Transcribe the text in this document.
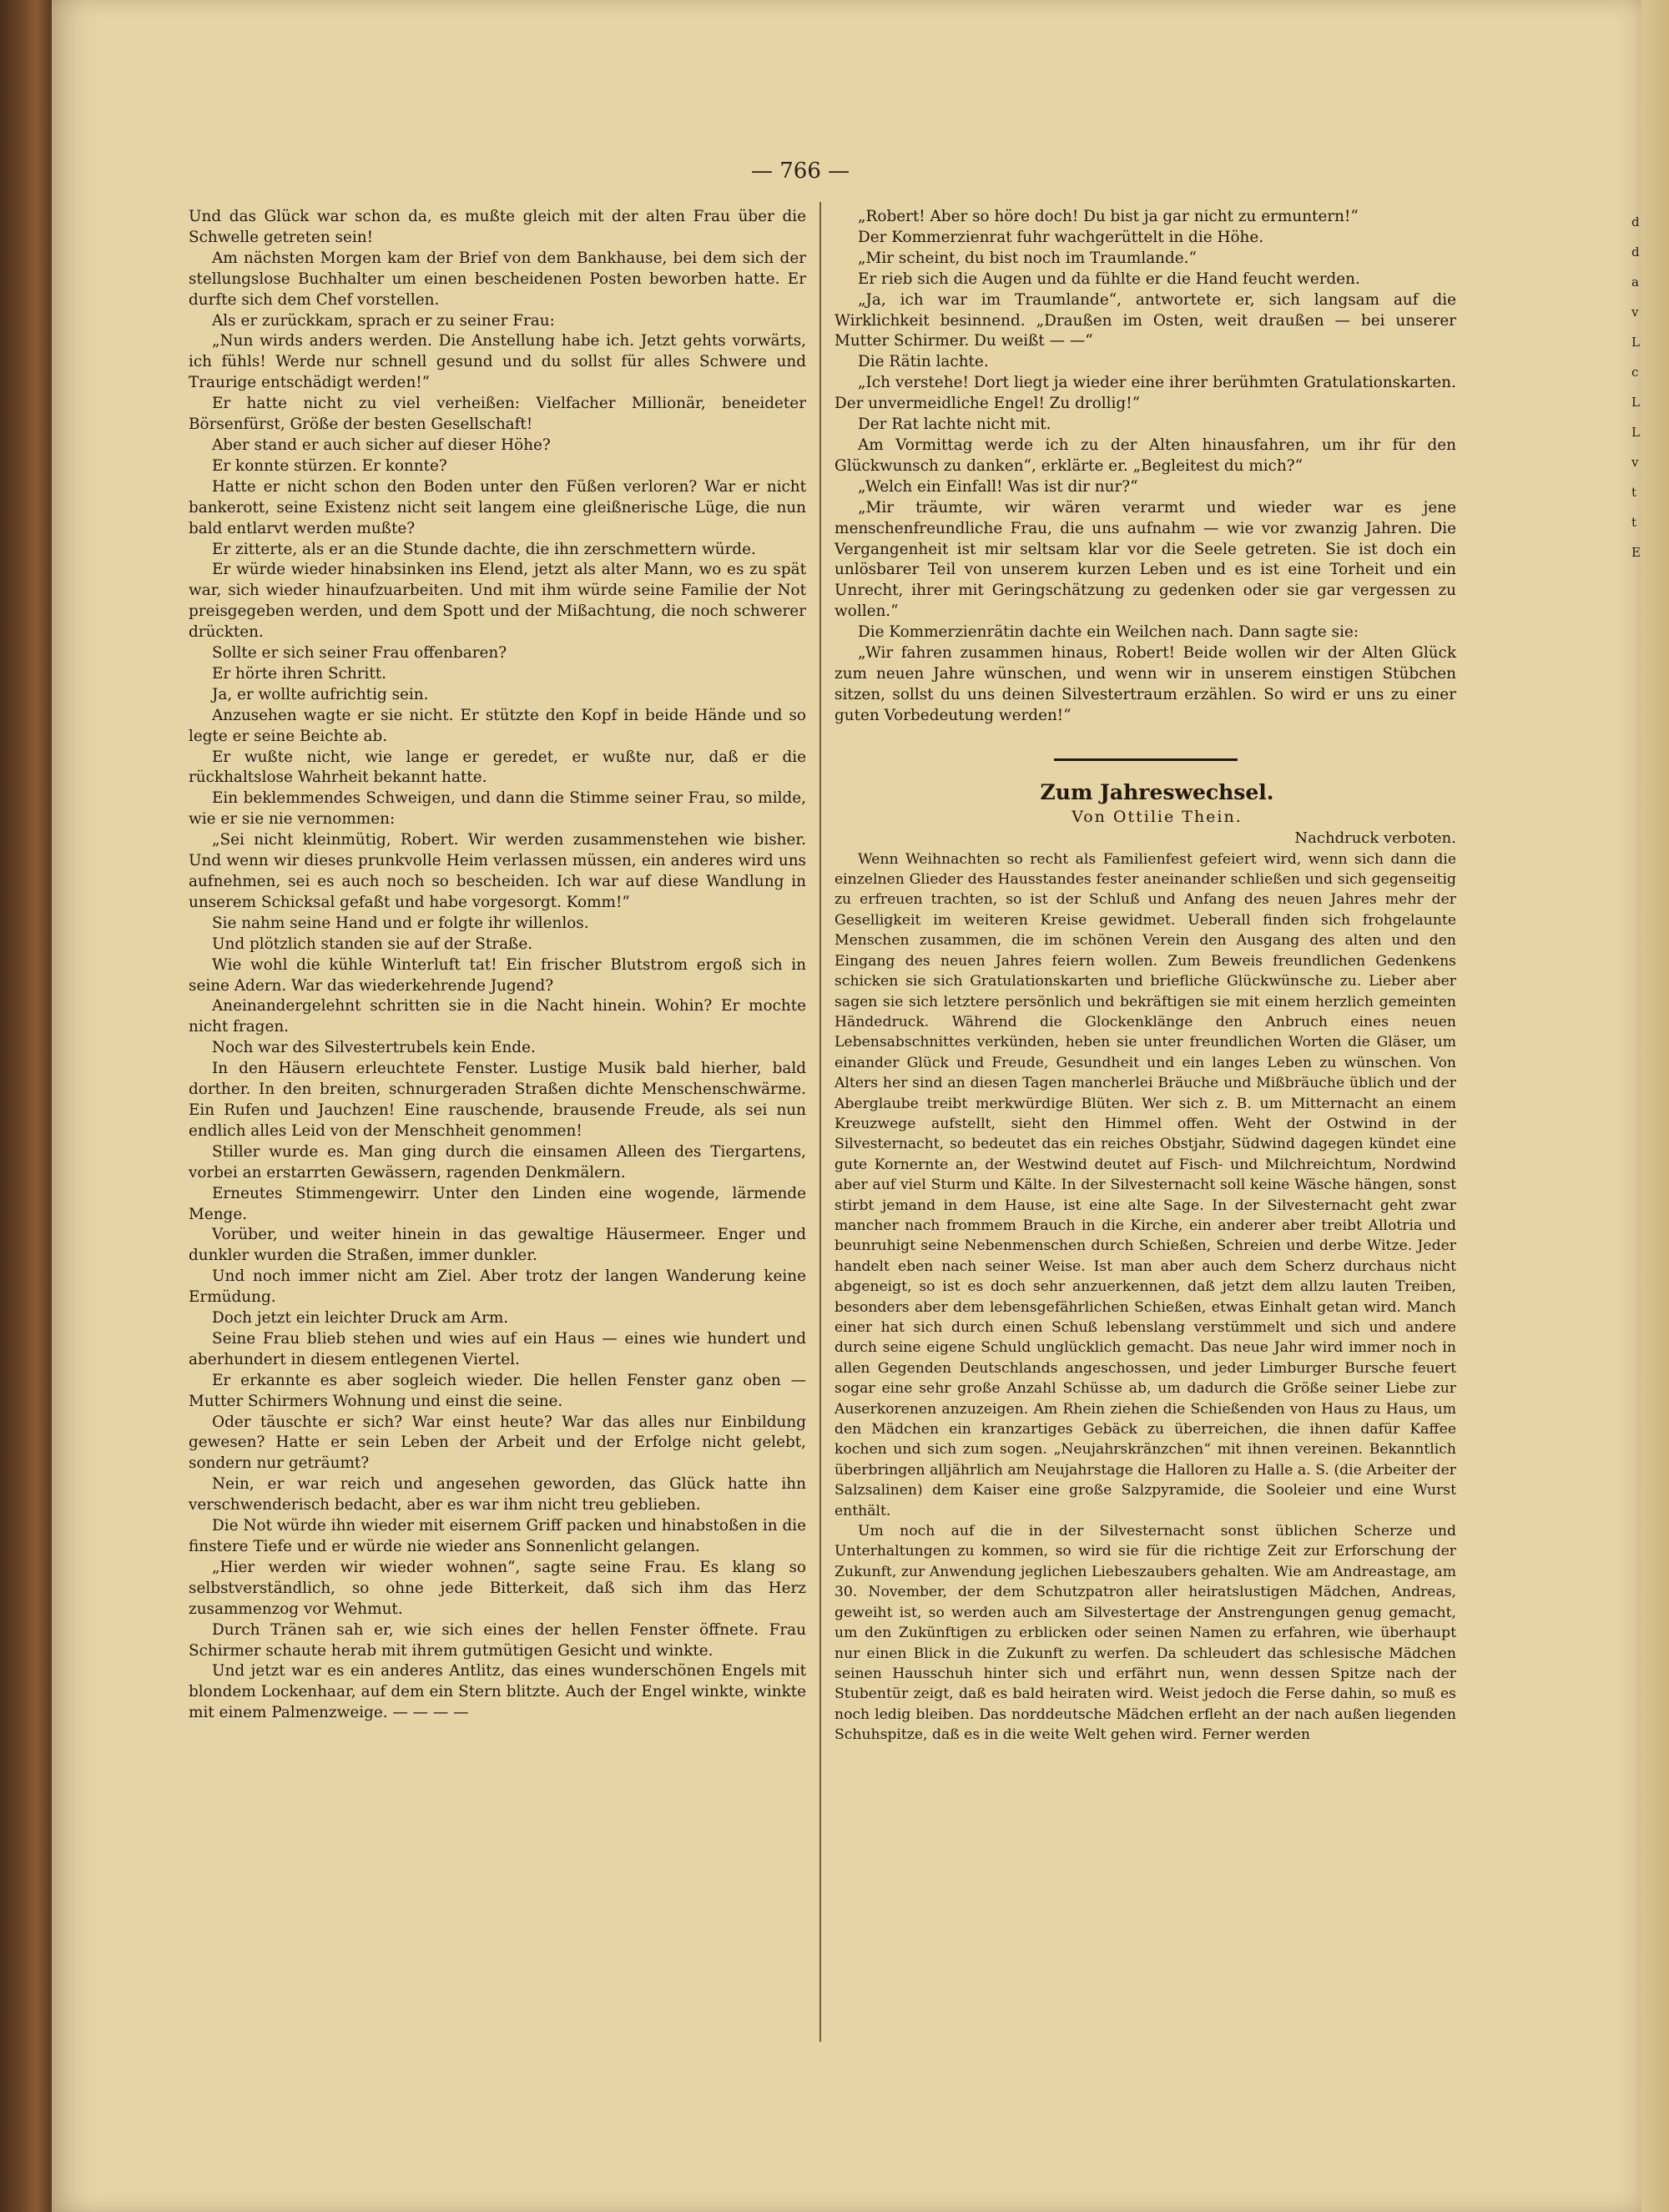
— 766 —

Und das Glück war schon da, es mußte gleich mit der alten Frau über die Schwelle getreten sein!

Am nächsten Morgen kam der Brief von dem Bankhause, bei dem sich der stellungslose Buchhalter um einen bescheidenen Posten beworben hatte. Er durfte sich dem Chef vorstellen.

Als er zurückkam, sprach er zu seiner Frau:

„Nun wirds anders werden. Die Anstellung habe ich. Jetzt gehts vorwärts, ich fühls! Werde nur schnell gesund und du sollst für alles Schwere und Traurige entschädigt werden!“

Er hatte nicht zu viel verheißen: Vielfacher Millionär, beneideter Börsenfürst, Größe der besten Gesellschaft!

Aber stand er auch sicher auf dieser Höhe?

Er konnte stürzen. Er konnte?

Hatte er nicht schon den Boden unter den Füßen verloren? War er nicht bankerott, seine Existenz nicht seit langem eine gleißnerische Lüge, die nun bald entlarvt werden mußte?

Er zitterte, als er an die Stunde dachte, die ihn zerschmettern würde.

Er würde wieder hinabsinken ins Elend, jetzt als alter Mann, wo es zu spät war, sich wieder hinaufzuarbeiten. Und mit ihm würde seine Familie der Not preisgegeben werden, und dem Spott und der Mißachtung, die noch schwerer drückten.

Sollte er sich seiner Frau offenbaren?

Er hörte ihren Schritt.

Ja, er wollte aufrichtig sein.

Anzusehen wagte er sie nicht. Er stützte den Kopf in beide Hände und so legte er seine Beichte ab.

Er wußte nicht, wie lange er geredet, er wußte nur, daß er die rückhaltslose Wahrheit bekannt hatte.

Ein beklemmendes Schweigen, und dann die Stimme seiner Frau, so milde, wie er sie nie vernommen:

„Sei nicht kleinmütig, Robert. Wir werden zusammenstehen wie bisher. Und wenn wir dieses prunkvolle Heim verlassen müssen, ein anderes wird uns aufnehmen, sei es auch noch so bescheiden. Ich war auf diese Wandlung in unserem Schicksal gefaßt und habe vorgesorgt. Komm!“

Sie nahm seine Hand und er folgte ihr willenlos.

Und plötzlich standen sie auf der Straße.

Wie wohl die kühle Winterluft tat! Ein frischer Blutstrom ergoß sich in seine Adern. War das wiederkehrende Jugend?

Aneinandergelehnt schritten sie in die Nacht hinein. Wohin? Er mochte nicht fragen.

Noch war des Silvestertrubels kein Ende.

In den Häusern erleuchtete Fenster. Lustige Musik bald hierher, bald dorther. In den breiten, schnurgeraden Straßen dichte Menschenschwärme. Ein Rufen und Jauchzen! Eine rauschende, brausende Freude, als sei nun endlich alles Leid von der Menschheit genommen!

Stiller wurde es. Man ging durch die einsamen Alleen des Tiergartens, vorbei an erstarrten Gewässern, ragenden Denkmälern.

Erneutes Stimmengewirr. Unter den Linden eine wogende, lärmende Menge.

Vorüber, und weiter hinein in das gewaltige Häusermeer. Enger und dunkler wurden die Straßen, immer dunkler.

Und noch immer nicht am Ziel. Aber trotz der langen Wanderung keine Ermüdung.

Doch jetzt ein leichter Druck am Arm.

Seine Frau blieb stehen und wies auf ein Haus — eines wie hundert und aberhundert in diesem entlegenen Viertel.

Er erkannte es aber sogleich wieder. Die hellen Fenster ganz oben — Mutter Schirmers Wohnung und einst die seine.

Oder täuschte er sich? War einst heute? War das alles nur Einbildung gewesen? Hatte er sein Leben der Arbeit und der Erfolge nicht gelebt, sondern nur geträumt?

Nein, er war reich und angesehen geworden, das Glück hatte ihn verschwenderisch bedacht, aber es war ihm nicht treu geblieben.

Die Not würde ihn wieder mit eisernem Griff packen und hinabstoßen in die finstere Tiefe und er würde nie wieder ans Sonnenlicht gelangen.

„Hier werden wir wieder wohnen“, sagte seine Frau. Es klang so selbstverständlich, so ohne jede Bitterkeit, daß sich ihm das Herz zusammenzog vor Wehmut.

Durch Tränen sah er, wie sich eines der hellen Fenster öffnete. Frau Schirmer schaute herab mit ihrem gutmütigen Gesicht und winkte.

Und jetzt war es ein anderes Antlitz, das eines wunderschönen Engels mit blondem Lockenhaar, auf dem ein Stern blitzte. Auch der Engel winkte, winkte mit einem Palmenzweige. — — — —

„Robert! Aber so höre doch! Du bist ja gar nicht zu ermuntern!“

Der Kommerzienrat fuhr wachgerüttelt in die Höhe.

„Mir scheint, du bist noch im Traumlande.“

Er rieb sich die Augen und da fühlte er die Hand feucht werden.

„Ja, ich war im Traumlande“, antwortete er, sich langsam auf die Wirklichkeit besinnend. „Draußen im Osten, weit draußen — bei unserer Mutter Schirmer. Du weißt — —“

Die Rätin lachte.

„Ich verstehe! Dort liegt ja wieder eine ihrer berühmten Gratulationskarten. Der unvermeidliche Engel! Zu drollig!“

Der Rat lachte nicht mit.

Am Vormittag werde ich zu der Alten hinausfahren, um ihr für den Glückwunsch zu danken“, erklärte er. „Begleitest du mich?“

„Welch ein Einfall! Was ist dir nur?“

„Mir träumte, wir wären verarmt und wieder war es jene menschenfreundliche Frau, die uns aufnahm — wie vor zwanzig Jahren. Die Vergangenheit ist mir seltsam klar vor die Seele getreten. Sie ist doch ein unlösbarer Teil von unserem kurzen Leben und es ist eine Torheit und ein Unrecht, ihrer mit Geringschätzung zu gedenken oder sie gar vergessen zu wollen.“

Die Kommerzienrätin dachte ein Weilchen nach. Dann sagte sie:

„Wir fahren zusammen hinaus, Robert! Beide wollen wir der Alten Glück zum neuen Jahre wünschen, und wenn wir in unserem einstigen Stübchen sitzen, sollst du uns deinen Silvestertraum erzählen. So wird er uns zu einer guten Vorbedeutung werden!“

Zum Jahreswechsel.

Von Ottilie Thein.

Nachdruck verboten.

Wenn Weihnachten so recht als Familienfest gefeiert wird, wenn sich dann die einzelnen Glieder des Hausstandes fester aneinander schließen und sich gegenseitig zu erfreuen trachten, so ist der Schluß und Anfang des neuen Jahres mehr der Geselligkeit im weiteren Kreise gewidmet. Ueberall finden sich frohgelaunte Menschen zusammen, die im schönen Verein den Ausgang des alten und den Eingang des neuen Jahres feiern wollen. Zum Beweis freundlichen Gedenkens schicken sie sich Gratulationskarten und briefliche Glückwünsche zu. Lieber aber sagen sie sich letztere persönlich und bekräftigen sie mit einem herzlich gemeinten Händedruck. Während die Glockenklänge den Anbruch eines neuen Lebensabschnittes verkünden, heben sie unter freundlichen Worten die Gläser, um einander Glück und Freude, Gesundheit und ein langes Leben zu wünschen. Von Alters her sind an diesen Tagen mancherlei Bräuche und Mißbräuche üblich und der Aberglaube treibt merkwürdige Blüten. Wer sich z. B. um Mitternacht an einem Kreuzwege aufstellt, sieht den Himmel offen. Weht der Ostwind in der Silvesternacht, so bedeutet das ein reiches Obstjahr, Südwind dagegen kündet eine gute Kornernte an, der Westwind deutet auf Fisch- und Milchreichtum, Nordwind aber auf viel Sturm und Kälte. In der Silvesternacht soll keine Wäsche hängen, sonst stirbt jemand in dem Hause, ist eine alte Sage. In der Silvesternacht geht zwar mancher nach frommem Brauch in die Kirche, ein anderer aber treibt Allotria und beunruhigt seine Nebenmenschen durch Schießen, Schreien und derbe Witze. Jeder handelt eben nach seiner Weise. Ist man aber auch dem Scherz durchaus nicht abgeneigt, so ist es doch sehr anzuerkennen, daß jetzt dem allzu lauten Treiben, besonders aber dem lebensgefährlichen Schießen, etwas Einhalt getan wird. Manch einer hat sich durch einen Schuß lebenslang verstümmelt und sich und andere durch seine eigene Schuld unglücklich gemacht. Das neue Jahr wird immer noch in allen Gegenden Deutschlands angeschossen, und jeder Limburger Bursche feuert sogar eine sehr große Anzahl Schüsse ab, um dadurch die Größe seiner Liebe zur Auserkorenen anzuzeigen. Am Rhein ziehen die Schießenden von Haus zu Haus, um den Mädchen ein kranzartiges Gebäck zu überreichen, die ihnen dafür Kaffee kochen und sich zum sogen. „Neujahrskränzchen“ mit ihnen vereinen. Bekanntlich überbringen alljährlich am Neujahrstage die Halloren zu Halle a. S. (die Arbeiter der Salzsalinen) dem Kaiser eine große Salzpyramide, die Sooleier und eine Wurst enthält.

Um noch auf die in der Silvesternacht sonst üblichen Scherze und Unterhaltungen zu kommen, so wird sie für die richtige Zeit zur Erforschung der Zukunft, zur Anwendung jeglichen Liebeszaubers gehalten. Wie am Andreastage, am 30. November, der dem Schutzpatron aller heiratslustigen Mädchen, Andreas, geweiht ist, so werden auch am Silvestertage der Anstrengungen genug gemacht, um den Zukünftigen zu erblicken oder seinen Namen zu erfahren, wie überhaupt nur einen Blick in die Zukunft zu werfen. Da schleudert das schlesische Mädchen seinen Hausschuh hinter sich und erfährt nun, wenn dessen Spitze nach der Stubentür zeigt, daß es bald heiraten wird. Weist jedoch die Ferse dahin, so muß es noch ledig bleiben. Das norddeutsche Mädchen erfleht an der nach außen liegenden Schuhspitze, daß es in die weite Welt gehen wird. Ferner werden

d
d
a
v
L
c
L
L
v
t
t
E
